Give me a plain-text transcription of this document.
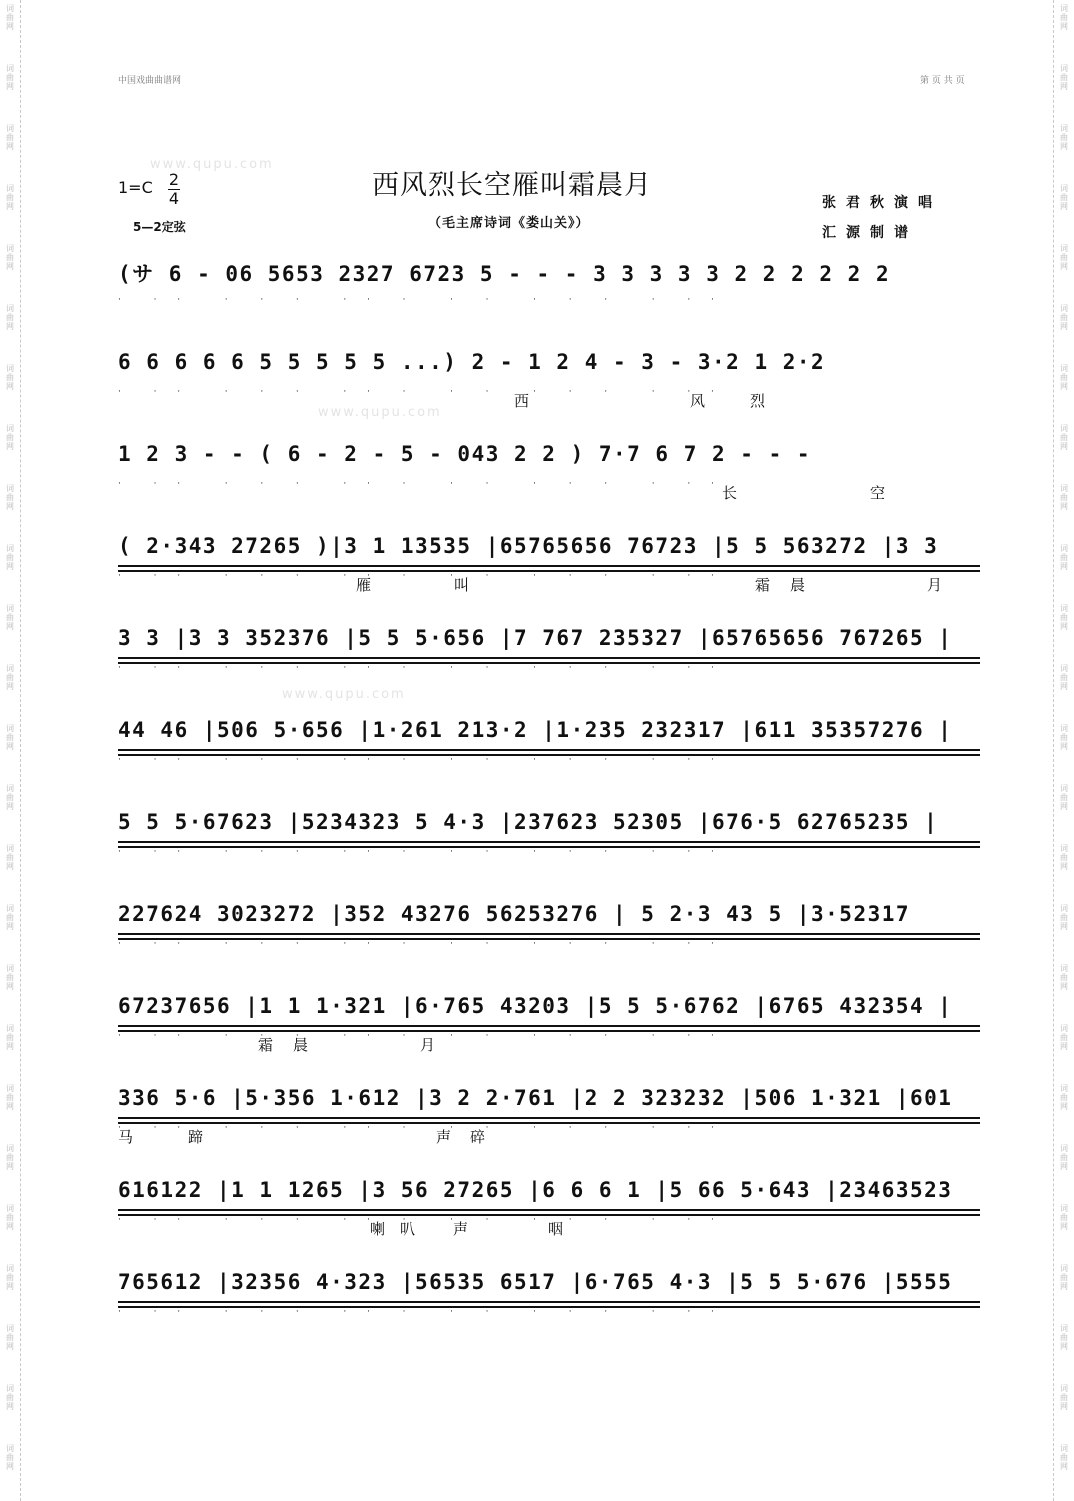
词
曲
网
词
曲
网
词
曲
网
词
曲
网
词
曲
网
词
曲
网
词
曲
网
词
曲
网
词
曲
网
词
曲
网
词
曲
网
词
曲
网
词
曲
网
词
曲
网
词
曲
网
词
曲
网
词
曲
网
词
曲
网
词
曲
网
词
曲
网
词
曲
网
词
曲
网
词
曲
网
词
曲
网
词
曲
网
词
曲
网
词
曲
网
词
曲
网
词
曲
网
词
曲
网
词
曲
网
词
曲
网
词
曲
网
词
曲
网
词
曲
网
词
曲
网
词
曲
网
词
曲
网
词
曲
网
词
曲
网
词
曲
网
词
曲
网
词
曲
网
词
曲
网
词
曲
网
词
曲
网
词
曲
网
词
曲
网
词
曲
网
词
曲
网
中国戏曲曲谱网	第 页 共 页
1=C 2
4
5—2定弦
西风烈长空雁叫霜晨月
（毛主席诗词《娄山关》）
张君秋演唱
汇源制谱
www.qupu.com
www.qupu.com
www.qupu.com
(サ 6 - 06 5653 2327 6723 5 - - - 3 3 3 3 3 2 2 2 2 2 2
·  · ·   ·  ·  ·   · ·  ·   ·  ·   ·  ·  ·   ·  · ·
6 6 6 6 6 5 5 5 5 5 ...) 2 - 1 2 4 - 3 - 3·2 1 2·2
·  · ·   ·  ·  ·   · ·  ·   ·  ·   ·  ·  ·   ·  · ·
西	风	烈
1 2 3 - - ( 6 - 2 - 5 - 043 2 2 ) 7·7 6 7 2 - - -
·  · ·   ·  ·  ·   · ·  ·   ·  ·   ·  ·  ·   ·  · · 长	空
( 2·343 27265 )|3 1 13535 |65765656 76723 |5 5 563272 |3 3
·  · ·   ·  ·  ·   · ·  ·   ·  ·   ·  ·  ·   ·  · ·
雁	叫	霜 晨	月
3 3 |3 3 352376 |5 5 5·656 |7 767 235327 |65765656 767265 |
·  · ·   ·  ·  ·   · ·  ·   ·  ·   ·  ·  ·   ·  · ·
44 46 |506 5·656 |1·261 213·2 |1·235 232317 |611 35357276 |
·  · ·   ·  ·  ·   · ·  ·   ·  ·   ·  ·  ·   ·  · ·
5 5 5·67623 |5234323 5 4·3 |237623 52305 |676·5 62765235 |
·  · ·   ·  ·  ·   · ·  ·   ·  ·   ·  ·  ·   ·  · ·
227624 3023272 |352 43276 56253276 | 5 2·3 43 5 |3·52317
·  · ·   ·  ·  ·   · ·  ·   ·  ·   ·  ·  ·   ·  · ·
67237656 |1 1 1·321 |6·765 43203 |5 5 5·6762 |6765 432354 |
·  · ·   ·  ·  ·   · ·  ·   ·  ·   ·  ·  ·   ·  · ·
霜 晨	月
336 5·6 |5·356 1·612 |3 2 2·761 |2 2 323232 |506 1·321 |601
·  · ·   ·  ·  ·   · ·  ·   ·  ·   ·  ·  ·   ·  · ·
马	蹄	声 碎
616122 |1 1 1265 |3 56 27265 |6 6 6 1 |5 66 5·643 |23463523
·  · ·   ·  ·  ·   · ·  ·   ·  ·   ·  ·  ·   ·  · ·
喇 叭	声	咽
765612 |32356 4·323 |56535 6517 |6·765 4·3 |5 5 5·676 |5555
·  · ·   ·  ·  ·   · ·  ·   ·  ·   ·  ·  ·   ·  · ·
